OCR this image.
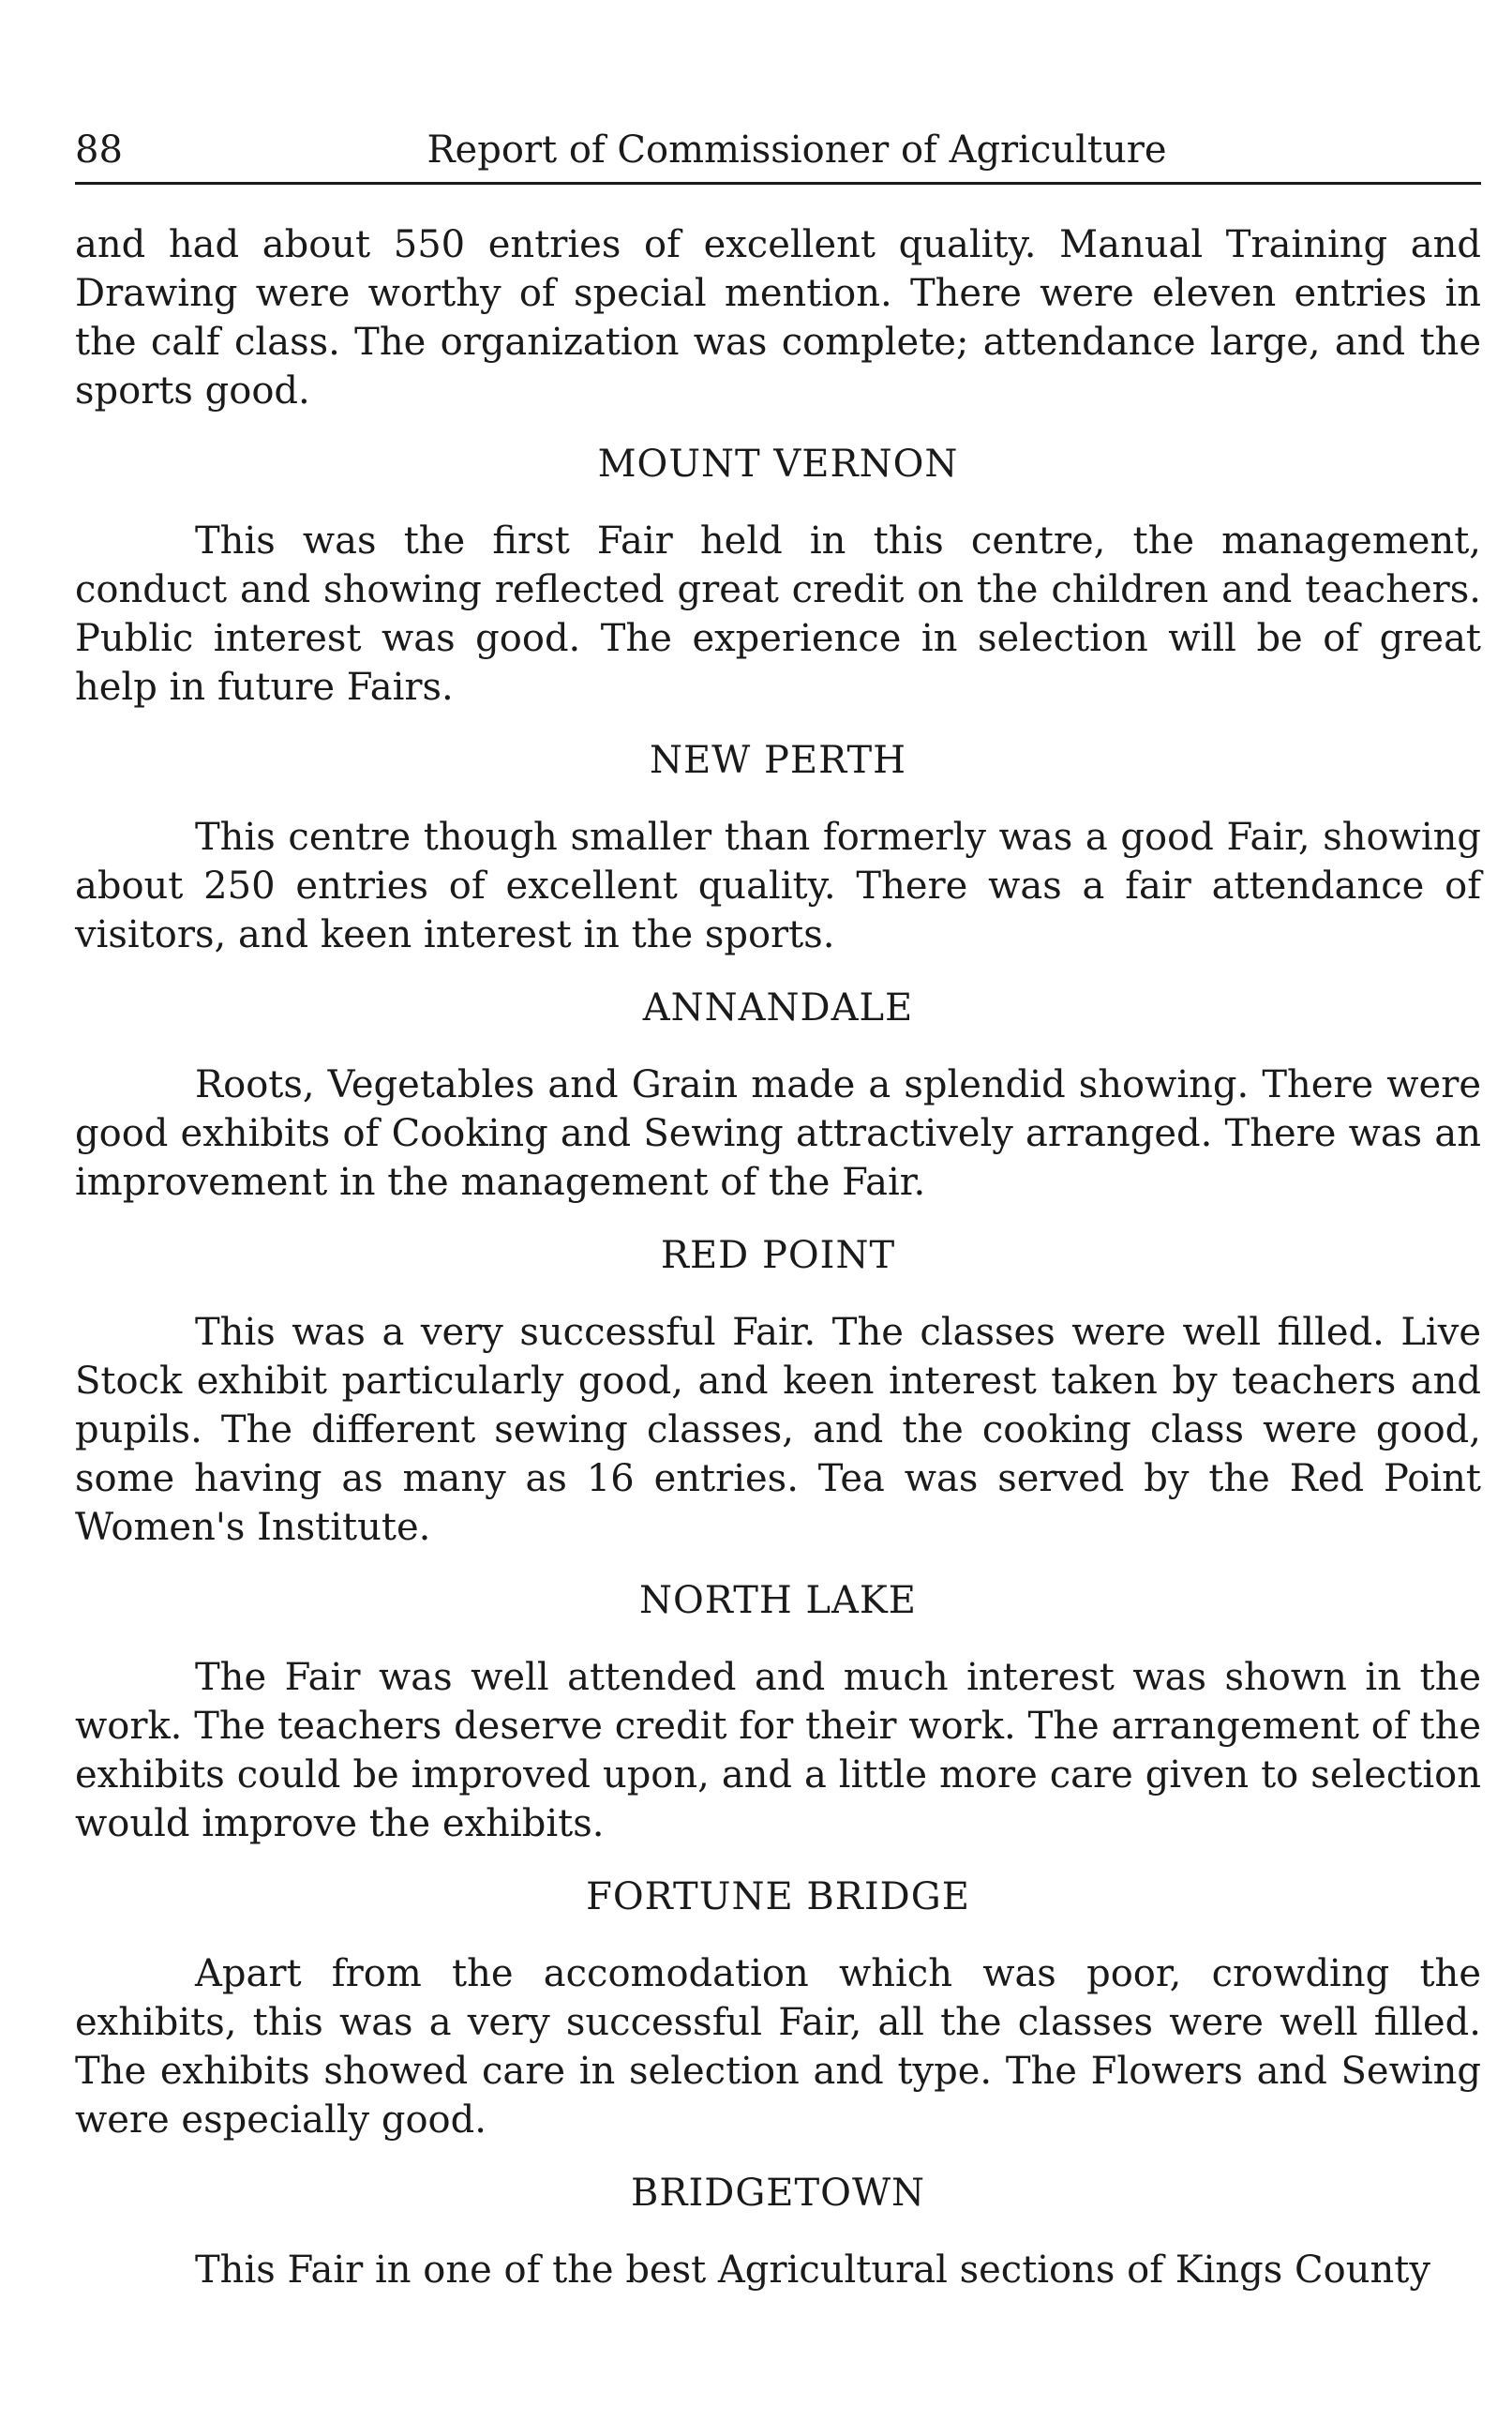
88	Report of Commissioner of Agriculture

and had about 550 entries of excellent quality. Manual Training and Drawing were worthy of special mention. There were eleven entries in the calf class. The organization was complete; attendance large, and the sports good.

MOUNT VERNON

This was the first Fair held in this centre, the management, conduct and showing reflected great credit on the children and teachers. Public interest was good. The experience in selection will be of great help in future Fairs.

NEW PERTH

This centre though smaller than formerly was a good Fair, showing about 250 entries of excellent quality. There was a fair attendance of visitors, and keen interest in the sports.

ANNANDALE

Roots, Vegetables and Grain made a splendid showing. There were good exhibits of Cooking and Sewing attractively arranged. There was an improvement in the management of the Fair.

RED POINT

This was a very successful Fair. The classes were well filled. Live Stock exhibit particularly good, and keen interest taken by teachers and pupils. The different sewing classes, and the cooking class were good, some having as many as 16 entries. Tea was served by the Red Point Women's Institute.

NORTH LAKE

The Fair was well attended and much interest was shown in the work. The teachers deserve credit for their work. The arrangement of the exhibits could be improved upon, and a little more care given to selection would improve the exhibits.

FORTUNE BRIDGE

Apart from the accomodation which was poor, crowding the exhibits, this was a very successful Fair, all the classes were well filled. The exhibits showed care in selection and type. The Flowers and Sewing were especially good.

BRIDGETOWN

This Fair in one of the best Agricultural sections of Kings County
